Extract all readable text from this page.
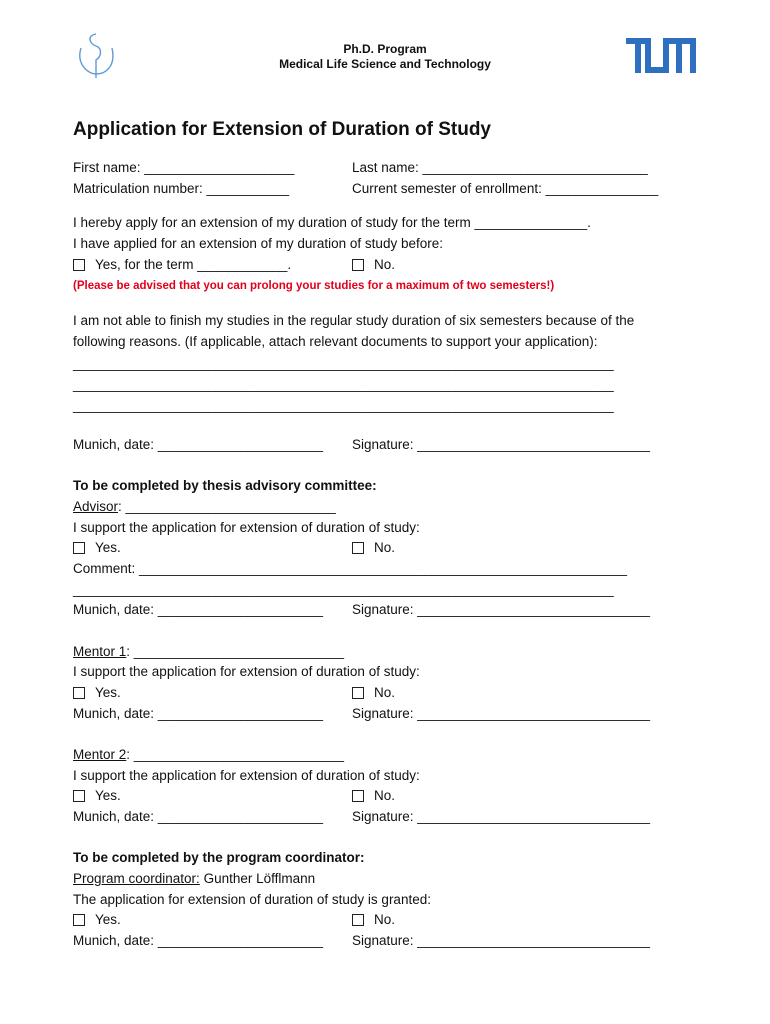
Ph.D. Program
Medical Life Science and Technology
Application for Extension of Duration of Study
First name: ____________________	Last name: ______________________________
Matriculation number: ___________	Current semester of enrollment: _______________
I hereby apply for an extension of my duration of study for the term _______________.
I have applied for an extension of my duration of study before:
Yes, for the term ____________.	No.
(Please be advised that you can prolong your studies for a maximum of two semesters!)
I am not able to finish my studies in the regular study duration of six semesters because of the
following reasons. (If applicable, attach relevant documents to support your application):
________________________________________________________________________
________________________________________________________________________
________________________________________________________________________
Munich, date: ______________________ Signature: _______________________________
To be completed by thesis advisory committee:
Advisor: ____________________________
I support the application for extension of duration of study:
Yes.	No.
Comment: _________________________________________________________________
________________________________________________________________________
Munich, date: ______________________ Signature: _______________________________
Mentor 1: ____________________________
I support the application for extension of duration of study:
Yes.	No.
Munich, date: ______________________ Signature: _______________________________
Mentor 2: ____________________________
I support the application for extension of duration of study:
Yes.	No.
Munich, date: ______________________ Signature: _______________________________
To be completed by the program coordinator:
Program coordinator: Gunther Löfflmann
The application for extension of duration of study is granted:
Yes.	No.
Munich, date: ______________________ Signature: _______________________________
